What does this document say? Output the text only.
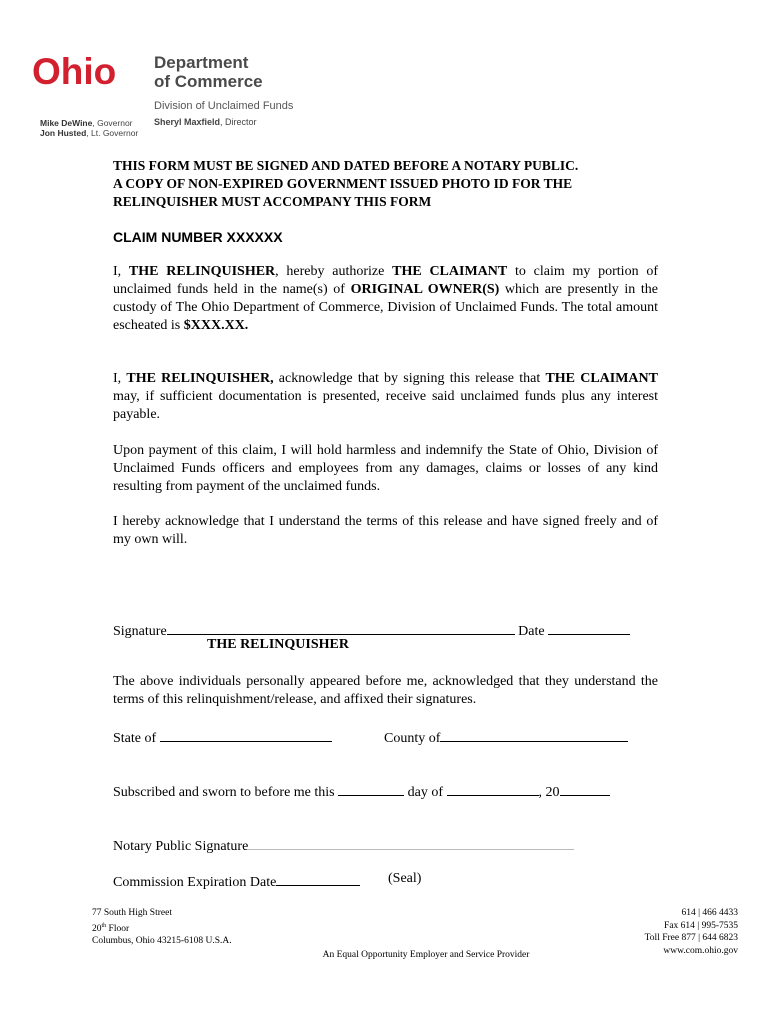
Ohio Department
of Commerce
Division of Unclaimed Funds
Sheryl Maxfield, Director
Mike DeWine, Governor
Jon Husted, Lt. Governor
THIS FORM MUST BE SIGNED AND DATED BEFORE A NOTARY PUBLIC.
A COPY OF NON-EXPIRED GOVERNMENT ISSUED PHOTO ID FOR THE
RELINQUISHER MUST ACCOMPANY THIS FORM
CLAIM NUMBER XXXXXX
I, THE RELINQUISHER, hereby authorize THE CLAIMANT to claim my portion of unclaimed funds held in the name(s) of ORIGINAL OWNER(S) which are presently in the custody of The Ohio Department of Commerce, Division of Unclaimed Funds. The total amount escheated is $XXX.XX.
I, THE RELINQUISHER, acknowledge that by signing this release that THE CLAIMANT may, if sufficient documentation is presented, receive said unclaimed funds plus any interest payable.
Upon payment of this claim, I will hold harmless and indemnify the State of Ohio, Division of Unclaimed Funds officers and employees from any damages, claims or losses of any kind resulting from payment of the unclaimed funds.
I hereby acknowledge that I understand the terms of this release and have signed freely and of my own will.
Signature	Date
THE RELINQUISHER
The above individuals personally appeared before me, acknowledged that they understand the terms of this relinquishment/release, and affixed their signatures.
State of	County of
Subscribed and sworn to before me this	day of	, 20
Notary Public Signature
Commission Expiration Date	(Seal)
77 South High Street
20th Floor
Columbus, Ohio 43215-6108 U.S.A.
An Equal Opportunity Employer and Service Provider
614 | 466 4433
Fax 614 | 995-7535
Toll Free 877 | 644 6823
www.com.ohio.gov
